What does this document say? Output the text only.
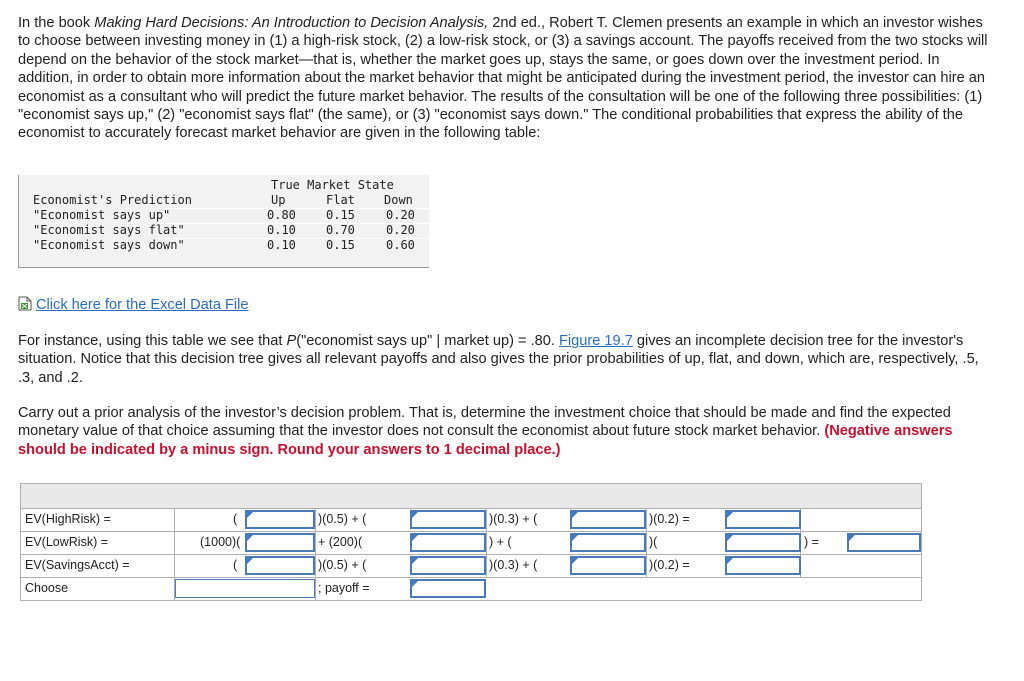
In the book Making Hard Decisions: An Introduction to Decision Analysis, 2nd ed., Robert T. Clemen presents an example in which an investor wishes to choose between investing money in (1) a high-risk stock, (2) a low-risk stock, or (3) a savings account. The payoffs received from the two stocks will depend on the behavior of the stock market—that is, whether the market goes up, stays the same, or goes down over the investment period. In addition, in order to obtain more information about the market behavior that might be anticipated during the investment period, the investor can hire an economist as a consultant who will predict the future market behavior. The results of the consultation will be one of the following three possibilities: (1) "economist says up," (2) "economist says flat" (the same), or (3) "economist says down." The conditional probabilities that express the ability of the economist to accurately forecast market behavior are given in the following table:

True Market State
Economist's Prediction	Up	Flat Down
"Economist says up"	0.80	0.15	0.20
"Economist says flat"	0.10	0.70	0.20
"Economist says down"	0.10	0.15	0.60
Click here for the Excel Data File

For instance, using this table we see that P("economist says up" | market up) = .80. Figure 19.7 gives an incomplete decision tree for the investor's situation. Notice that this decision tree gives all relevant payoffs and also gives the prior probabilities of up, flat, and down, which are, respectively, .5, .3, and .2.

Carry out a prior analysis of the investor’s decision problem. That is, determine the investment choice that should be made and find the expected monetary value of that choice assuming that the investor does not consult the economist about future stock market behavior. (Negative answers should be indicated by a minus sign. Round your answers to 1 decimal place.)

EV(HighRisk) =	(	)(0.5) + (	)(0.3) + (	)(0.2) =
EV(LowRisk) =	(1000)(	+ (200)(	) + (	)(	) =
EV(SavingsAcct) =	(	)(0.5) + (	)(0.3) + (	)(0.2) =
Choose	; payoff =
